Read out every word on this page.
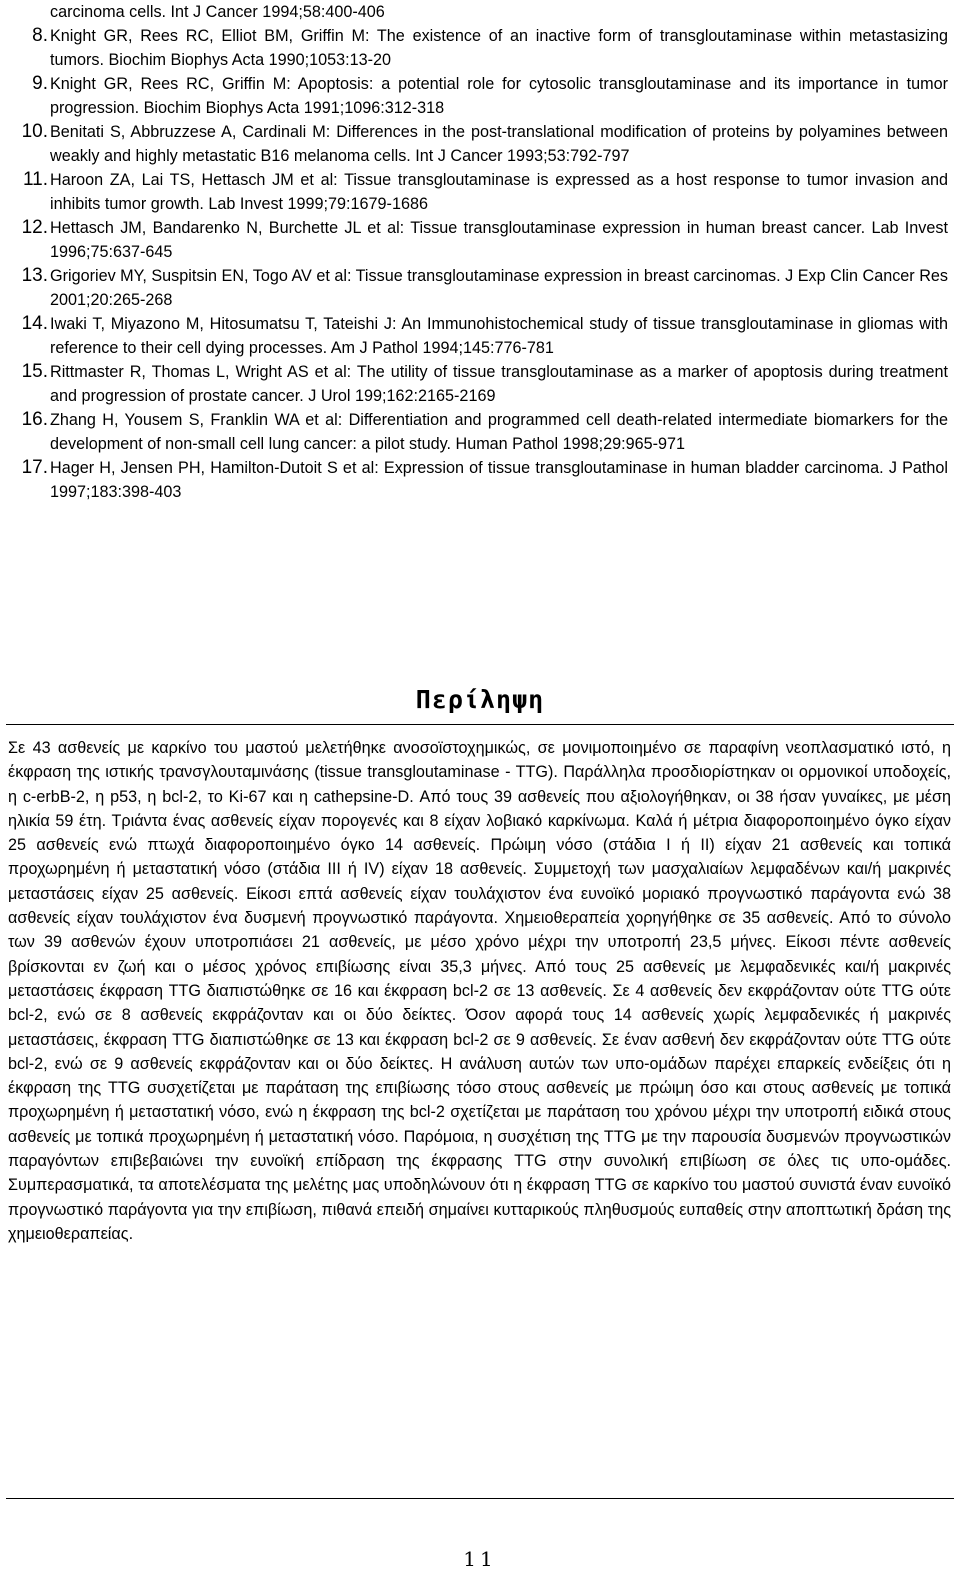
carcinoma cells. Int J Cancer 1994;58:400-406
8. Knight GR, Rees RC, Elliot BM, Griffin M: The existence of an inactive form of transgloutaminase within metastasizing tumors. Biochim Biophys Acta 1990;1053:13-20
9. Knight GR, Rees RC, Griffin M: Apoptosis: a potential role for cytosolic transgloutaminase and its importance in tumor progression. Biochim Biophys Acta 1991;1096:312-318
10. Benitati S, Abbruzzese A, Cardinali M: Differences in the post-translational modification of proteins by polyamines between weakly and highly metastatic B16 melanoma cells. Int J Cancer 1993;53:792-797
11. Haroon ZA, Lai TS, Hettasch JM et al: Tissue transgloutaminase is expressed as a host response to tumor invasion and inhibits tumor growth. Lab Invest 1999;79:1679-1686
12. Hettasch JM, Bandarenko N, Burchette JL et al: Tissue transgloutaminase expression in human breast cancer. Lab Invest 1996;75:637-645
13. Grigoriev MY, Suspitsin EN, Togo AV et al: Tissue transgloutaminase expression in breast carcinomas. J Exp Clin Cancer Res 2001;20:265-268
14. Iwaki T, Miyazono M, Hitosumatsu T, Tateishi J: An Immunohistochemical study of tissue transgloutaminase in gliomas with reference to their cell dying processes. Am J Pathol 1994;145:776-781
15. Rittmaster R, Thomas L, Wright AS et al: The utility of tissue transgloutaminase as a marker of apoptosis during treatment and progression of prostate cancer. J Urol 199;162:2165-2169
16. Zhang H, Yousem S, Franklin WA et al: Differentiation and programmed cell death-related intermediate biomarkers for the development of non-small cell lung cancer: a pilot study. Human Pathol 1998;29:965-971
17. Hager H, Jensen PH, Hamilton-Dutoit S et al: Expression of tissue transgloutaminase in human bladder carcinoma. J Pathol 1997;183:398-403
Περίληψη

Σε 43 ασθενείς με καρκίνο του μαστού μελετήθηκε ανοσοϊστοχημικώς, σε μονιμοποιημένο σε παραφίνη νεοπλασματικό ιστό, η έκφραση της ιστικής τρανσγλουταμινάσης (tissue transgloutaminase - TTG). Παράλληλα προσδιορίστηκαν οι ορμονικοί υποδοχείς, η c-erbB-2, η p53, η bcl-2, το Ki-67 και η cathepsine-D. Από τους 39 ασθενείς που αξιολογήθηκαν, οι 38 ήσαν γυναίκες, με μέση ηλικία 59 έτη. Τριάντα ένας ασθενείς είχαν πορογενές και 8 είχαν λοβιακό καρκίνωμα. Καλά ή μέτρια διαφοροποιημένο όγκο είχαν 25 ασθενείς ενώ πτωχά διαφοροποιημένο όγκο 14 ασθενείς. Πρώιμη νόσο (στάδια Ι ή ΙΙ) είχαν 21 ασθενείς και τοπικά προχωρημένη ή μεταστατική νόσο (στάδια ΙΙΙ ή ΙV) είχαν 18 ασθενείς. Συμμετοχή των μασχαλιαίων λεμφαδένων και/ή μακρινές μεταστάσεις είχαν 25 ασθενείς. Είκοσι επτά ασθενείς είχαν τουλάχιστον ένα ευνοϊκό μοριακό προγνωστικό παράγοντα ενώ 38 ασθενείς είχαν τουλάχιστον ένα δυσμενή προγνωστικό παράγοντα. Χημειοθεραπεία χορηγήθηκε σε 35 ασθενείς. Από το σύνολο των 39 ασθενών έχουν υποτροπιάσει 21 ασθενείς, με μέσο χρόνο μέχρι την υποτροπή 23,5 μήνες. Είκοσι πέντε ασθενείς βρίσκονται εν ζωή και ο μέσος χρόνος επιβίωσης είναι 35,3 μήνες. Από τους 25 ασθενείς με λεμφαδενικές και/ή μακρινές μεταστάσεις έκφραση TTG διαπιστώθηκε σε 16 και έκφραση bcl-2 σε 13 ασθενείς. Σε 4 ασθενείς δεν εκφράζονταν ούτε TTG ούτε bcl-2, ενώ σε 8 ασθενείς εκφράζονταν και οι δύο δείκτες. Όσον αφορά τους 14 ασθενείς χωρίς λεμφαδενικές ή μακρινές μεταστάσεις, έκφραση TTG διαπιστώθηκε σε 13 και έκφραση bcl-2 σε 9 ασθενείς. Σε έναν ασθενή δεν εκφράζονταν ούτε TTG ούτε bcl-2, ενώ σε 9 ασθενείς εκφράζονταν και οι δύο δείκτες. Η ανάλυση αυτών των υπο-ομάδων παρέχει επαρκείς ενδείξεις ότι η έκφραση της TTG συσχετίζεται με παράταση της επιβίωσης τόσο στους ασθενείς με πρώιμη όσο και στους ασθενείς με τοπικά προχωρημένη ή μεταστατική νόσο, ενώ η έκφραση της bcl-2 σχετίζεται με παράταση του χρόνου μέχρι την υποτροπή ειδικά στους ασθενείς με τοπικά προχωρημένη ή μεταστατική νόσο. Παρόμοια, η συσχέτιση της TTG με την παρουσία δυσμενών προγνωστικών παραγόντων επιβεβαιώνει την ευνοϊκή επίδραση της έκφρασης TTG στην συνολική επιβίωση σε όλες τις υπο-ομάδες. Συμπερασματικά, τα αποτελέσματα της μελέτης μας υποδηλώνουν ότι η έκφραση TTG σε καρκίνο του μαστού συνιστά έναν ευνοϊκό προγνωστικό παράγοντα για την επιβίωση, πιθανά επειδή σημαίνει κυτταρικούς πληθυσμούς ευπαθείς στην αποπτωτική δράση της χημειοθεραπείας.

11
